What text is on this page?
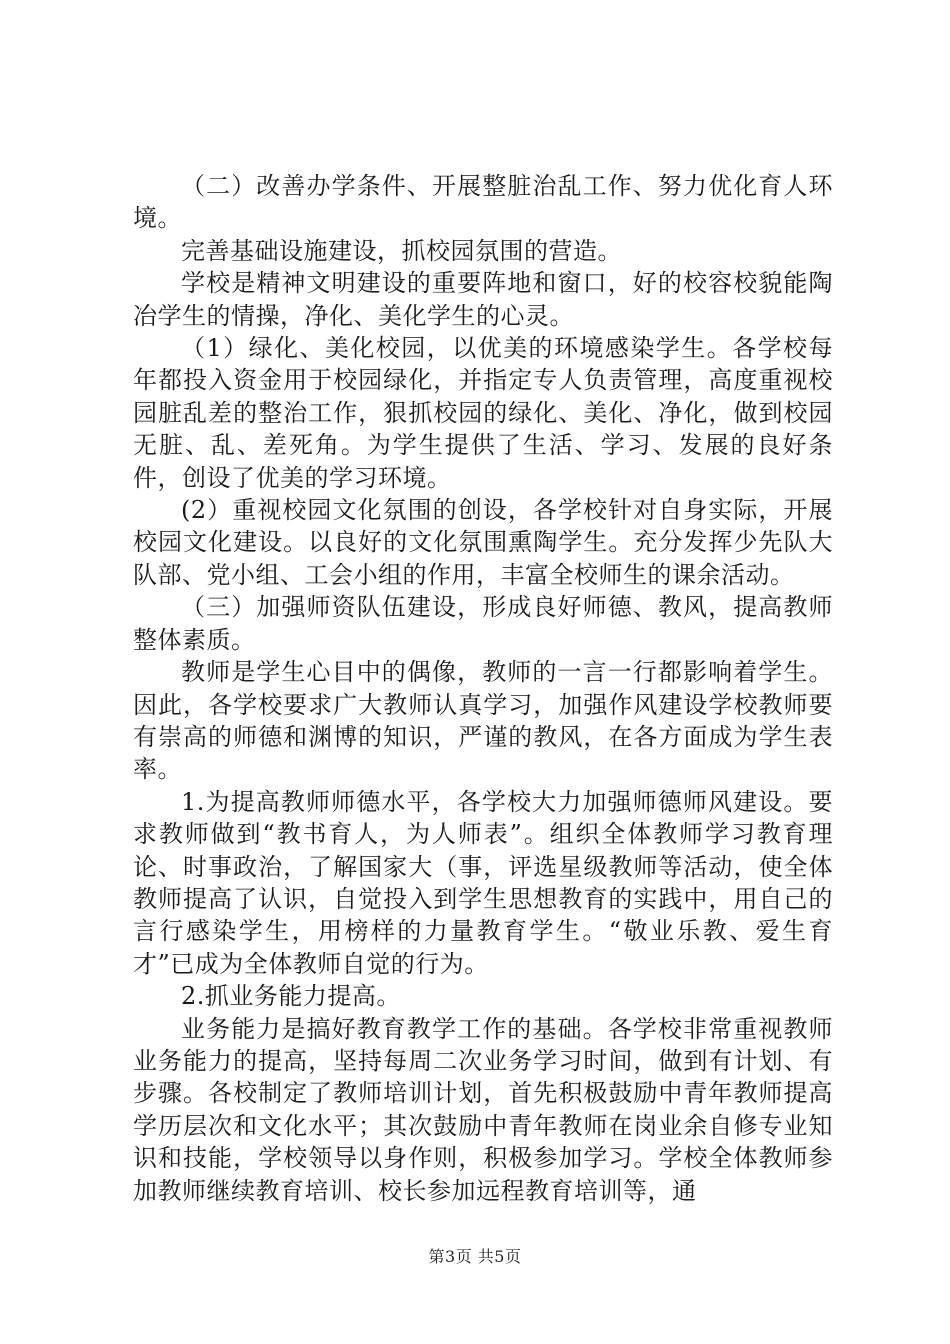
（二）改善办学条件、开展整脏治乱工作、努力优化育人环境。

完善基础设施建设，抓校园氛围的营造。

学校是精神文明建设的重要阵地和窗口，好的校容校貌能陶冶学生的情操，净化、美化学生的心灵。

（1）绿化、美化校园，以优美的环境感染学生。各学校每年都投入资金用于校园绿化，并指定专人负责管理，高度重视校园脏乱差的整治工作，狠抓校园的绿化、美化、净化，做到校园无脏、乱、差死角。为学生提供了生活、学习、发展的良好条件，创设了优美的学习环境。

(2）重视校园文化氛围的创设，各学校针对自身实际，开展校园文化建设。以良好的文化氛围熏陶学生。充分发挥少先队大队部、党小组、工会小组的作用，丰富全校师生的课余活动。

（三）加强师资队伍建设，形成良好师德、教风，提高教师整体素质。

教师是学生心目中的偶像，教师的一言一行都影响着学生。因此，各学校要求广大教师认真学习，加强作风建设学校教师要有崇高的师德和渊博的知识，严谨的教风，在各方面成为学生表率。

1.为提高教师师德水平，各学校大力加强师德师风建设。要求教师做到“教书育人，为人师表”。组织全体教师学习教育理论、时事政治，了解国家大（事，评选星级教师等活动，使全体教师提高了认识，自觉投入到学生思想教育的实践中，用自己的言行感染学生，用榜样的力量教育学生。“敬业乐教、爱生育才”已成为全体教师自觉的行为。

2.抓业务能力提高。

业务能力是搞好教育教学工作的基础。各学校非常重视教师业务能力的提高，坚持每周二次业务学习时间，做到有计划、有步骤。各校制定了教师培训计划，首先积极鼓励中青年教师提高学历层次和文化水平；其次鼓励中青年教师在岗业余自修专业知识和技能，学校领导以身作则，积极参加学习。学校全体教师参加教师继续教育培训、校长参加远程教育培训等，通

第3页 共5页
